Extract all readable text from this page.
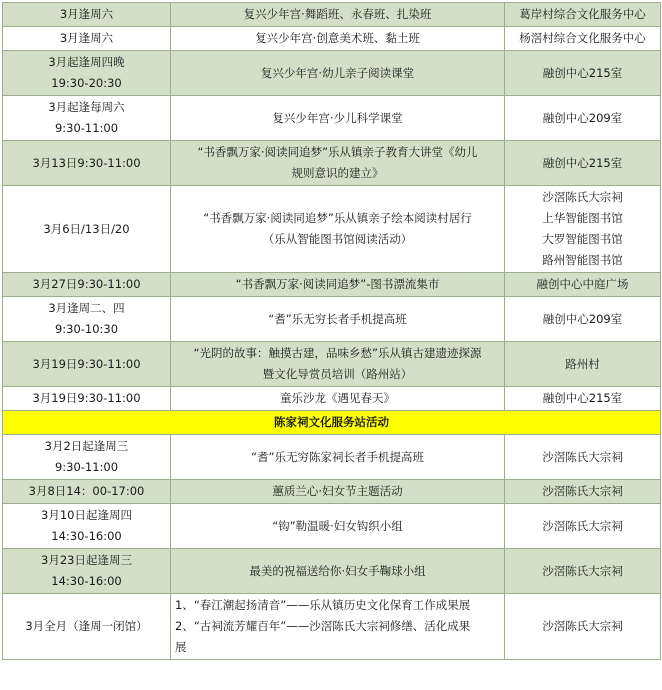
3月逢周六	复兴少年宫·舞蹈班、永春班、扎染班	葛岸村综合文化服务中心

3月逢周六	复兴少年宫·创意美术班、黏土班	杨滘村综合文化服务中心

3月起逢周四晚
19:30-20:30	复兴少年宫·幼儿亲子阅读课堂	融创中心215室

3月起逢每周六
9:30-11:00	复兴少年宫·少儿科学课堂	融创中心209室

3月13日9:30-11:00	“书香飘万家·阅读同追梦”乐从镇亲子教育大讲堂《幼儿
规则意识的建立》	融创中心215室

3月6日/13日/20	“书香飘万家·阅读同追梦”乐从镇亲子绘本阅读村居行
（乐从智能图书馆阅读活动）	沙滘陈氏大宗祠
上华智能图书馆
大罗智能图书馆
路州智能图书馆

3月27日9:30-11:00	“书香飘万家·阅读同追梦”-图书漂流集市	融创中心中庭广场

3月逢周二、四
9:30-10:30	“耆”乐无穷长者手机提高班	融创中心209室

3月19日9:30-11:00	“光阴的故事：触摸古建，品味乡愁”乐从镇古建遗迹探源
暨文化导赏员培训（路州站）	路州村

3月19日9:30-11:00	童乐沙龙《遇见春天》	融创中心215室

陈家祠文化服务站活动		

3月2日起逢周三
9:30-11:00	“耆”乐无穷陈家祠长者手机提高班	沙滘陈氏大宗祠

3月8日14：00-17:00	蕙质兰心·妇女节主题活动	沙滘陈氏大宗祠

3月10日起逢周四
14:30-16:00	“钩”勒温暖·妇女钩织小组	沙滘陈氏大宗祠

3月23日起逢周三
14:30-16:00	最美的祝福送给你·妇女手鞠球小组	沙滘陈氏大宗祠

3月全月（逢周一闭馆）	1、“春江潮起扬清音”——乐从镇历史文化保育工作成果展
2、“古祠流芳耀百年”——沙滘陈氏大宗祠修缮、活化成果
展	沙滘陈氏大宗祠
